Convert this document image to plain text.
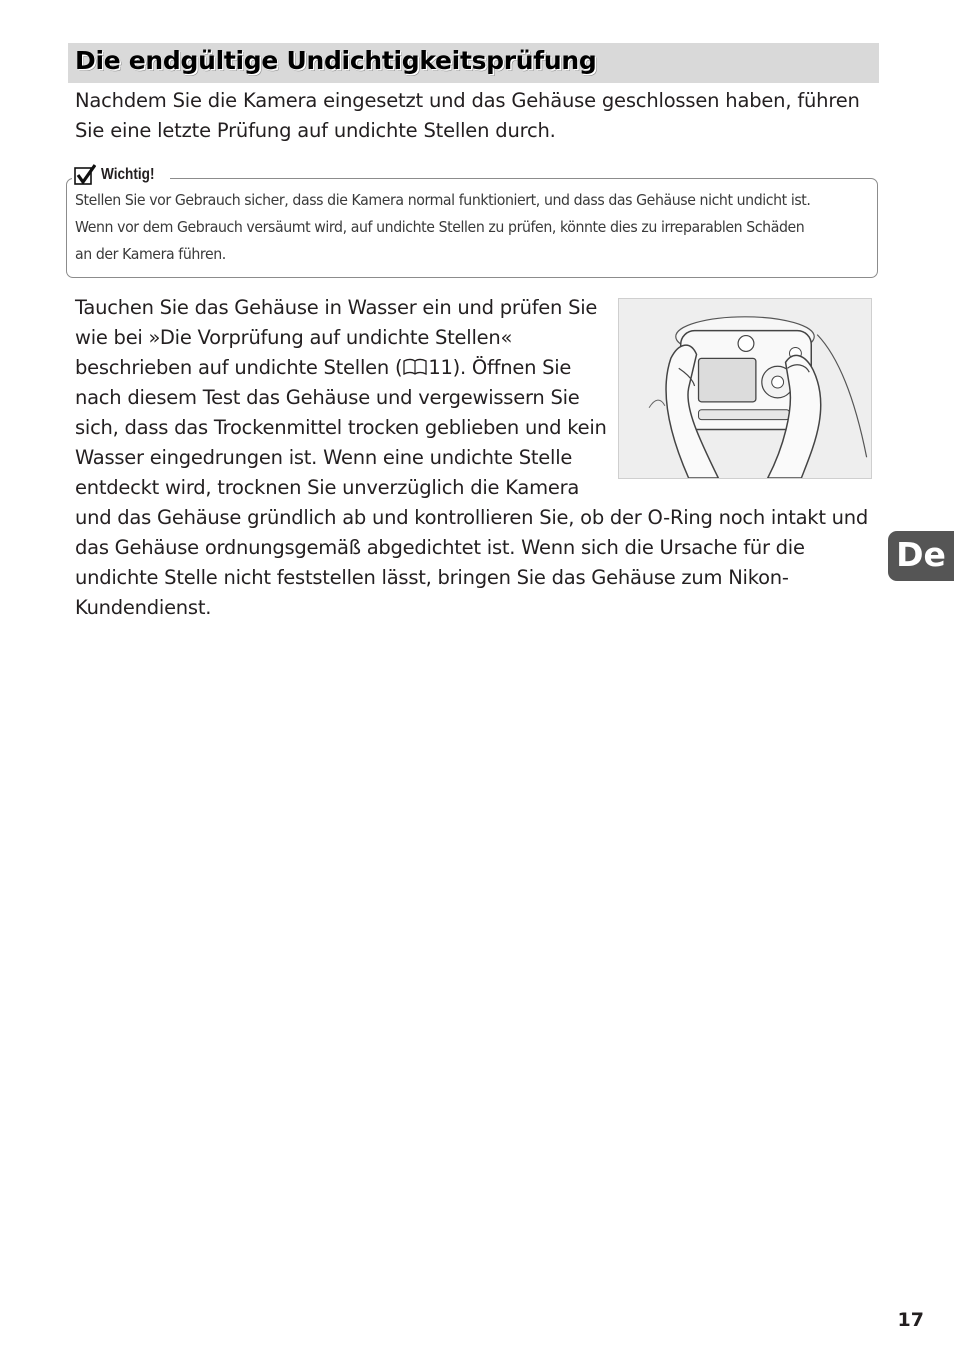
Die endgültige Undichtigkeitsprüfung

Nachdem Sie die Kamera eingesetzt und das Gehäuse geschlossen haben, führen Sie eine letzte Prüfung auf undichte Stellen durch.

Wichtig!

Stellen Sie vor Gebrauch sicher, dass die Kamera normal funktioniert, und dass das Gehäuse nicht undicht ist. Wenn vor dem Gebrauch versäumt wird, auf undichte Stellen zu prüfen, könnte dies zu irreparablen Schäden an der Kamera führen.

Tauchen Sie das Gehäuse in Wasser ein und prüfen Sie wie bei »Die Vorprüfung auf undichte Stellen« beschrieben auf undichte Stellen ( 11). Öffnen Sie nach diesem Test das Gehäuse und vergewissern Sie sich, dass das Trockenmittel trocken geblieben und kein Wasser eingedrungen ist. Wenn eine undichte Stelle entdeckt wird, trocknen Sie unverzüglich die Kamera und das Gehäuse gründlich ab und kontrollieren Sie, ob der O-Ring noch intakt und das Gehäuse ordnungsgemäß abgedichtet ist. Wenn sich die Ursache für die undichte Stelle nicht feststellen lässt, bringen Sie das Gehäuse zum Nikon-Kundendienst.

De
17
